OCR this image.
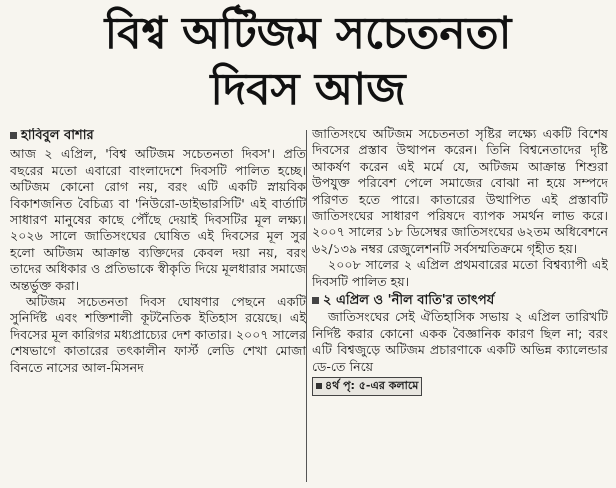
বিশ্ব অটিজম সচেতনতা
দিবস আজ
হাবিবুল বাশার

আজ ২ এপ্রিল, 'বিশ্ব অটিজম সচেতনতা দিবস'। প্রতি বছরের মতো এবারো বাংলাদেশে দিবসটি পালিত হচ্ছে। অটিজম কোনো রোগ নয়, বরং এটি একটি স্নায়বিক বিকাশজনিত বৈচিত্র্য বা 'নিউরো-ডাইভারসিটি' এই বার্তাটি সাধারণ মানুষের কাছে পৌঁছে দেয়াই দিবসটির মূল লক্ষ্য। ২০২৬ সালে জাতিসংঘের ঘোষিত এই দিবসের মূল সুর হলো অটিজম আক্রান্ত ব্যক্তিদের কেবল দয়া নয়, বরং তাদের অধিকার ও প্রতিভাকে স্বীকৃতি দিয়ে মূলধারার সমাজে অন্তর্ভুক্ত করা।

অটিজম সচেতনতা দিবস ঘোষণার পেছনে একটি সুনির্দিষ্ট এবং শক্তিশালী কূটনৈতিক ইতিহাস রয়েছে। এই দিবসের মূল কারিগর মধ্যপ্রাচ্যের দেশ কাতার। ২০০৭ সালের শেষভাগে কাতারের তৎকালীন ফার্স্ট লেডি শেখা মোজা বিনতে নাসের আল-মিসনদ

জাতিসংঘে অটিজম সচেতনতা সৃষ্টির লক্ষ্যে একটি বিশেষ দিবসের প্রস্তাব উত্থাপন করেন। তিনি বিশ্বনেতাদের দৃষ্টি আকর্ষণ করেন এই মর্মে যে, অটিজম আক্রান্ত শিশুরা উপযুক্ত পরিবেশ পেলে সমাজের বোঝা না হয়ে সম্পদে পরিণত হতে পারে। কাতারের উত্থাপিত এই প্রস্তাবটি জাতিসংঘের সাধারণ পরিষদে ব্যাপক সমর্থন লাভ করে। ২০০৭ সালের ১৮ ডিসেম্বর জাতিসংঘের ৬২তম অধিবেশনে ৬২/১৩৯ নম্বর রেজুলেশনটি সর্বসম্মতিক্রমে গৃহীত হয়।

২০০৮ সালের ২ এপ্রিল প্রথমবারের মতো বিশ্বব্যাপী এই দিবসটি পালিত হয়।

২ এপ্রিল ও 'নীল বাতি'র তাৎপর্য

জাতিসংঘের সেই ঐতিহাসিক সভায় ২ এপ্রিল তারিখটি নির্দিষ্ট করার কোনো একক বৈজ্ঞানিক কারণ ছিল না; বরং এটি বিশ্বজুড়ে অটিজম প্রচারণাকে একটি অভিন্ন ক্যালেন্ডার ডে-তে নিয়ে

৪র্থ পৃ: ৫-এর কলামে
